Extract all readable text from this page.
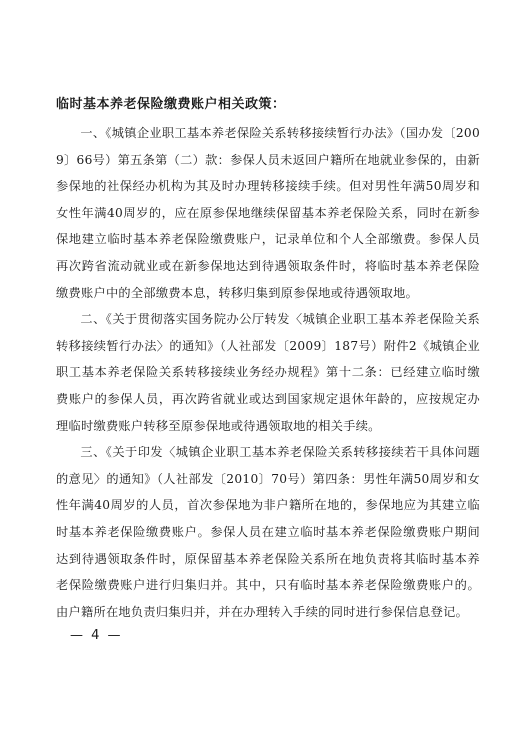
临时基本养老保险缴费账户相关政策：

一、《城镇企业职工基本养老保险关系转移接续暂行办法》（国办发〔2009〕66号）第五条第（二）款：参保人员未返回户籍所在地就业参保的，由新参保地的社保经办机构为其及时办理转移接续手续。但对男性年满50周岁和女性年满40周岁的，应在原参保地继续保留基本养老保险关系，同时在新参保地建立临时基本养老保险缴费账户，记录单位和个人全部缴费。参保人员再次跨省流动就业或在新参保地达到待遇领取条件时，将临时基本养老保险缴费账户中的全部缴费本息，转移归集到原参保地或待遇领取地。

二、《关于贯彻落实国务院办公厅转发〈城镇企业职工基本养老保险关系转移接续暂行办法〉的通知》（人社部发〔2009〕187号）附件2《城镇企业职工基本养老保险关系转移接续业务经办规程》第十二条：已经建立临时缴费账户的参保人员，再次跨省就业或达到国家规定退休年龄的，应按规定办理临时缴费账户转移至原参保地或待遇领取地的相关手续。

三、《关于印发〈城镇企业职工基本养老保险关系转移接续若干具体问题的意见〉的通知》（人社部发〔2010〕70号）第四条：男性年满50周岁和女性年满40周岁的人员，首次参保地为非户籍所在地的，参保地应为其建立临时基本养老保险缴费账户。参保人员在建立临时基本养老保险缴费账户期间达到待遇领取条件时，原保留基本养老保险关系所在地负责将其临时基本养老保险缴费账户进行归集归并。其中，只有临时基本养老保险缴费账户的。由户籍所在地负责归集归并，并在办理转入手续的同时进行参保信息登记。

— 4 —
